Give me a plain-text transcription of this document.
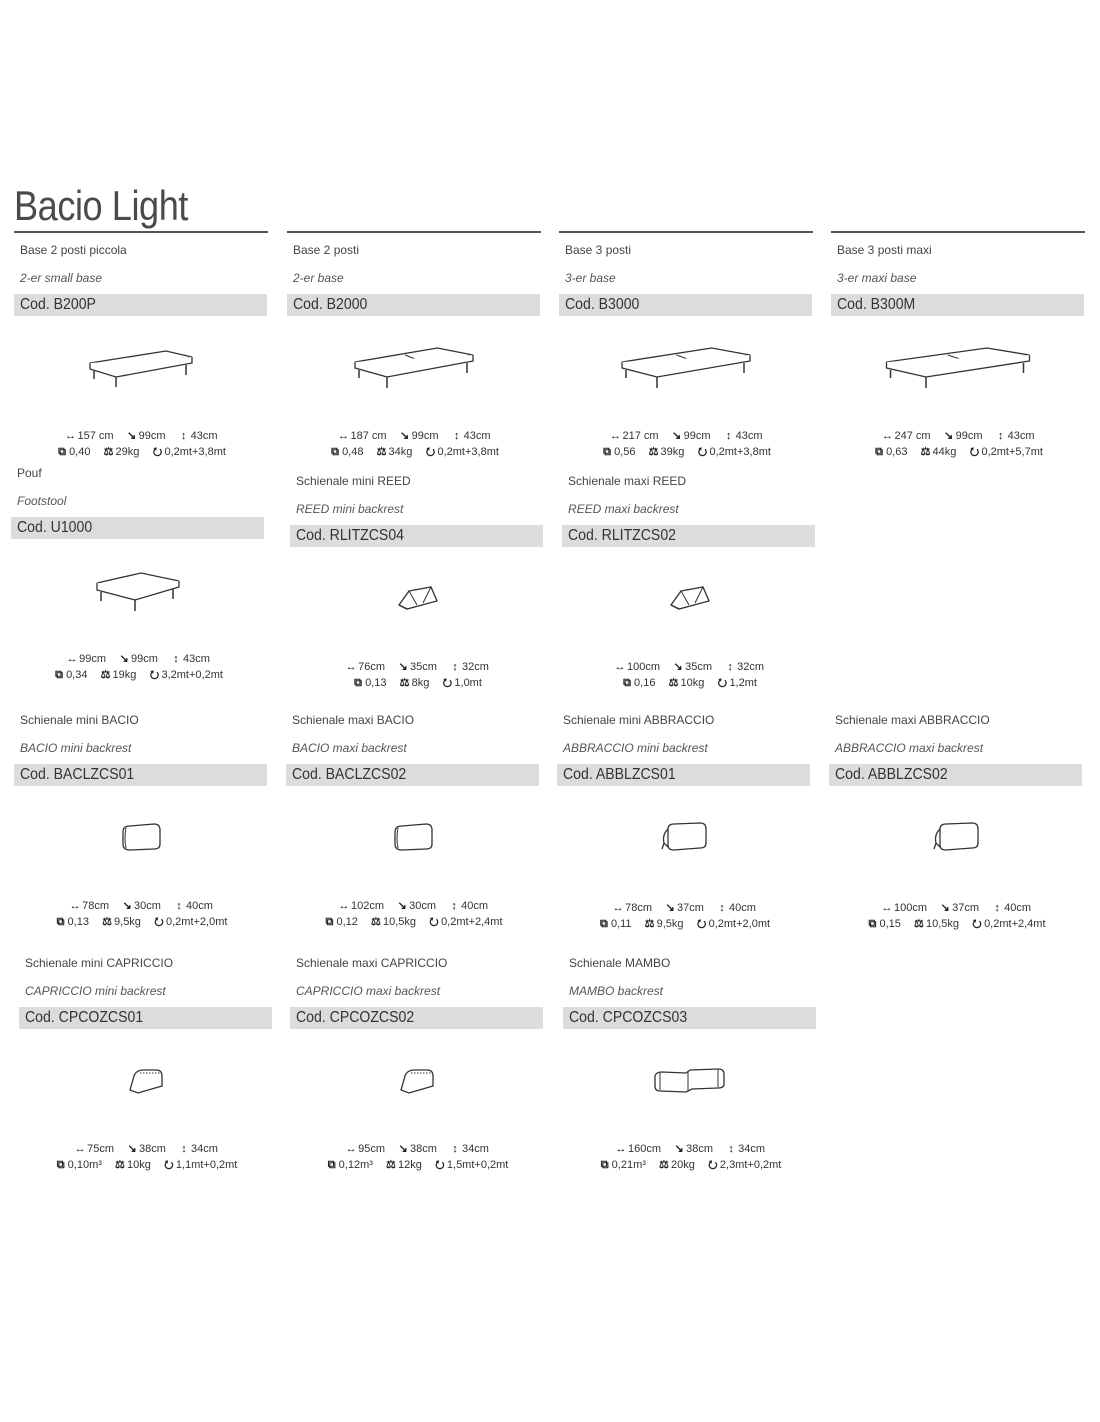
Bacio Light
Base 2 posti piccola
2-er small base
Cod. B200P
↔ 157 cm ↘ 99cm ↕ 43cm
⧉ 0,40 ⚖ 29kg ⭮ 0,2mt+3,8mt
Base 2 posti
2-er base
Cod. B2000
↔ 187 cm ↘ 99cm ↕ 43cm
⧉ 0,48 ⚖ 34kg ⭮ 0,2mt+3,8mt
Base 3 posti
3-er base
Cod. B3000
↔ 217 cm ↘ 99cm ↕ 43cm
⧉ 0,56 ⚖ 39kg ⭮ 0,2mt+3,8mt
Base 3 posti maxi
3-er maxi base
Cod. B300M
↔ 247 cm ↘ 99cm ↕ 43cm
⧉ 0,63 ⚖ 44kg ⭮ 0,2mt+5,7mt
Pouf
Footstool
Cod. U1000
↔ 99cm ↘ 99cm ↕ 43cm
⧉ 0,34 ⚖ 19kg ⭮ 3,2mt+0,2mt
Schienale mini REED
REED mini backrest
Cod. RLITZCS04
↔ 76cm ↘ 35cm ↕ 32cm
⧉ 0,13 ⚖ 8kg ⭮ 1,0mt
Schienale maxi REED
REED maxi backrest
Cod. RLITZCS02
↔ 100cm ↘ 35cm ↕ 32cm
⧉ 0,16 ⚖ 10kg ⭮ 1,2mt
Schienale mini BACIO
BACIO mini backrest
Cod. BACLZCS01
↔ 78cm ↘ 30cm ↕ 40cm
⧉ 0,13 ⚖ 9,5kg ⭮ 0,2mt+2,0mt
Schienale maxi BACIO
BACIO maxi backrest
Cod. BACLZCS02
↔ 102cm ↘ 30cm ↕ 40cm
⧉ 0,12 ⚖ 10,5kg ⭮ 0,2mt+2,4mt
Schienale mini ABBRACCIO
ABBRACCIO mini backrest
Cod. ABBLZCS01
↔ 78cm ↘ 37cm ↕ 40cm
⧉ 0,11 ⚖ 9,5kg ⭮ 0,2mt+2,0mt
Schienale maxi ABBRACCIO
ABBRACCIO maxi backrest
Cod. ABBLZCS02
↔ 100cm ↘ 37cm ↕ 40cm
⧉ 0,15 ⚖ 10,5kg ⭮ 0,2mt+2,4mt
Schienale mini CAPRICCIO
CAPRICCIO mini backrest
Cod. CPCOZCS01
↔ 75cm ↘ 38cm ↕ 34cm
⧉ 0,10m³ ⚖ 10kg ⭮ 1,1mt+0,2mt
Schienale maxi CAPRICCIO
CAPRICCIO maxi backrest
Cod. CPCOZCS02
↔ 95cm ↘ 38cm ↕ 34cm
⧉ 0,12m³ ⚖ 12kg ⭮ 1,5mt+0,2mt
Schienale MAMBO
MAMBO backrest
Cod. CPCOZCS03
↔ 160cm ↘ 38cm ↕ 34cm
⧉ 0,21m³ ⚖ 20kg ⭮ 2,3mt+0,2mt
